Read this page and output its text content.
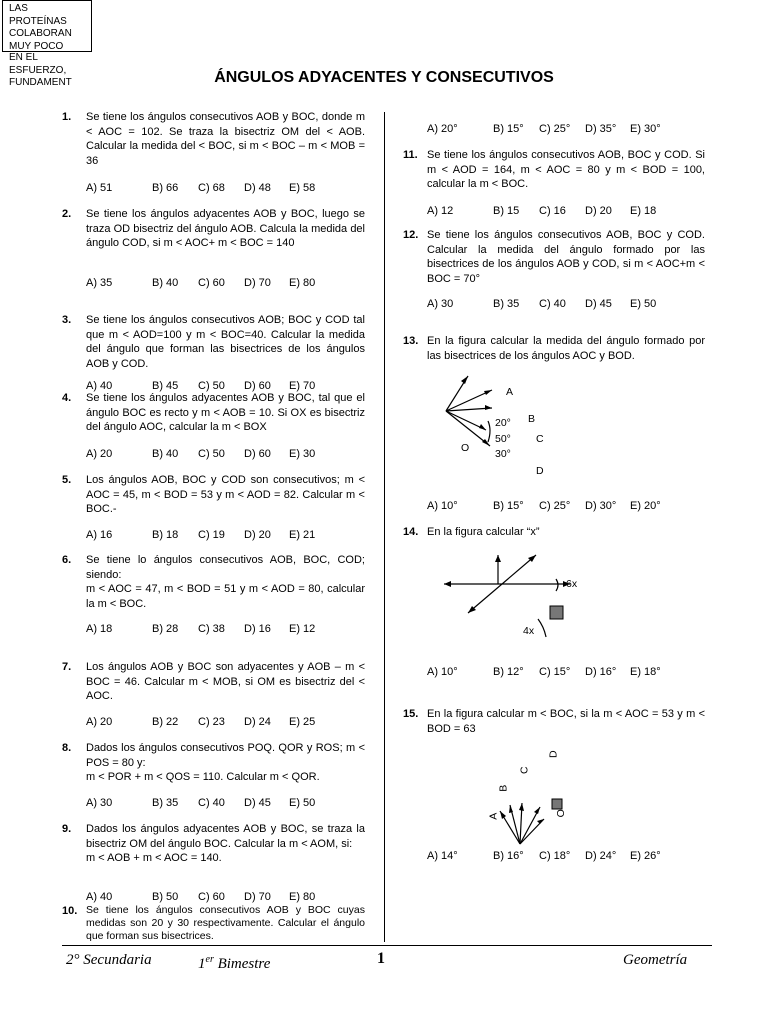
LAS
PROTEÍNAS
COLABORAN
MUY POCO
EN EL
ESFUERZO,
FUNDAMENT	ÁNGULOS ADYACENTES Y CONSECUTIVOS
1. Se tiene los ángulos consecutivos AOB y BOC, donde m < AOC = 102. Se traza la bisectriz OM del < AOB. Calcular la medida del < BOC, si m < BOC – m < MOB = 36
A) 51	B) 66 C) 68 D) 48 E) 58
2. Se tiene los ángulos adyacentes AOB y BOC, luego se traza OD bisectriz del ángulo AOB. Calcula la medida del ángulo COD, si m < AOC+ m < BOC = 140
A) 35	B) 40 C) 60 D) 70 E) 80
3. Se tiene los ángulos consecutivos AOB; BOC y COD tal que m < AOD=100 y m < BOC=40. Calcular la medida del ángulo que forman las bisectrices de los ángulos AOB y COD.
A) 40	B) 45 C) 50 D) 60 E) 70
4. Se tiene los ángulos adyacentes AOB y BOC, tal que el ángulo BOC es recto y m < AOB = 10. Si OX es bisectriz del ángulo AOC, calcular la m < BOX
A) 20	B) 40 C) 50 D) 60 E) 30
5. Los ángulos AOB, BOC y COD son consecutivos; m < AOC = 45, m < BOD = 53 y m < AOD = 82. Calcular m < BOC.-
A) 16	B) 18 C) 19 D) 20 E) 21
6. Se tiene lo ángulos consecutivos AOB, BOC, COD; siendo:
m < AOC = 47, m < BOD = 51 y m < AOD = 80, calcular la m < BOC.
A) 18	B) 28 C) 38 D) 16 E) 12
7. Los ángulos AOB y BOC son adyacentes y AOB – m < BOC = 46. Calcular m < MOB, si OM es bisectriz del < AOC.
A) 20	B) 22 C) 23 D) 24 E) 25
8. Dados los ángulos consecutivos POQ. QOR y ROS; m < POS = 80 y:
m < POR + m < QOS = 110. Calcular m < QOR.
A) 30	B) 35 C) 40 D) 45 E) 50
9. Dados los ángulos adyacentes AOB y BOC, se traza la bisectriz OM del ángulo BOC. Calcular la m < AOM, si:
m < AOB + m < AOC = 140.
A) 40	B) 50 C) 60 D) 70 E) 80
10. Se tiene los ángulos consecutivos AOB y BOC cuyas medidas son 20 y 30 respectivamente. Calcular el ángulo que forman sus bisectrices.
A) 20°	B) 15° C) 25° D) 35° E) 30°
11. Se tiene los ángulos consecutivos AOB, BOC y COD. Si m < AOD = 164, m < AOC = 80 y m < BOD = 100, calcular la m < BOC.
A) 12	B) 15 C) 16 D) 20 E) 18
12. Se tiene los ángulos consecutivos AOB, BOC y COD. Calcular la medida del ángulo formado por las bisectrices de los ángulos AOB y COD, si m < AOC+m < BOC = 70°
A) 30	B) 35 C) 40 D) 45 E) 50
13. En la figura calcular la medida del ángulo formado por las bisectrices de los ángulos AOC y BOD.
A) 10°	B) 15° C) 25° D) 30° E) 20°
14. En la figura calcular “x”
A) 10°	B) 12° C) 15° D) 16° E) 18°
15. En la figura calcular m < BOC, si la m < AOC = 53 y m < BOD = 63
A) 14°	B) 16° C) 18° D) 24° E) 26°
A
B
C
D
O
20°
50°
30°
6x
4x
A
B
C
D
O
2° Secundaria	1er Bimestre	1	Geometría
